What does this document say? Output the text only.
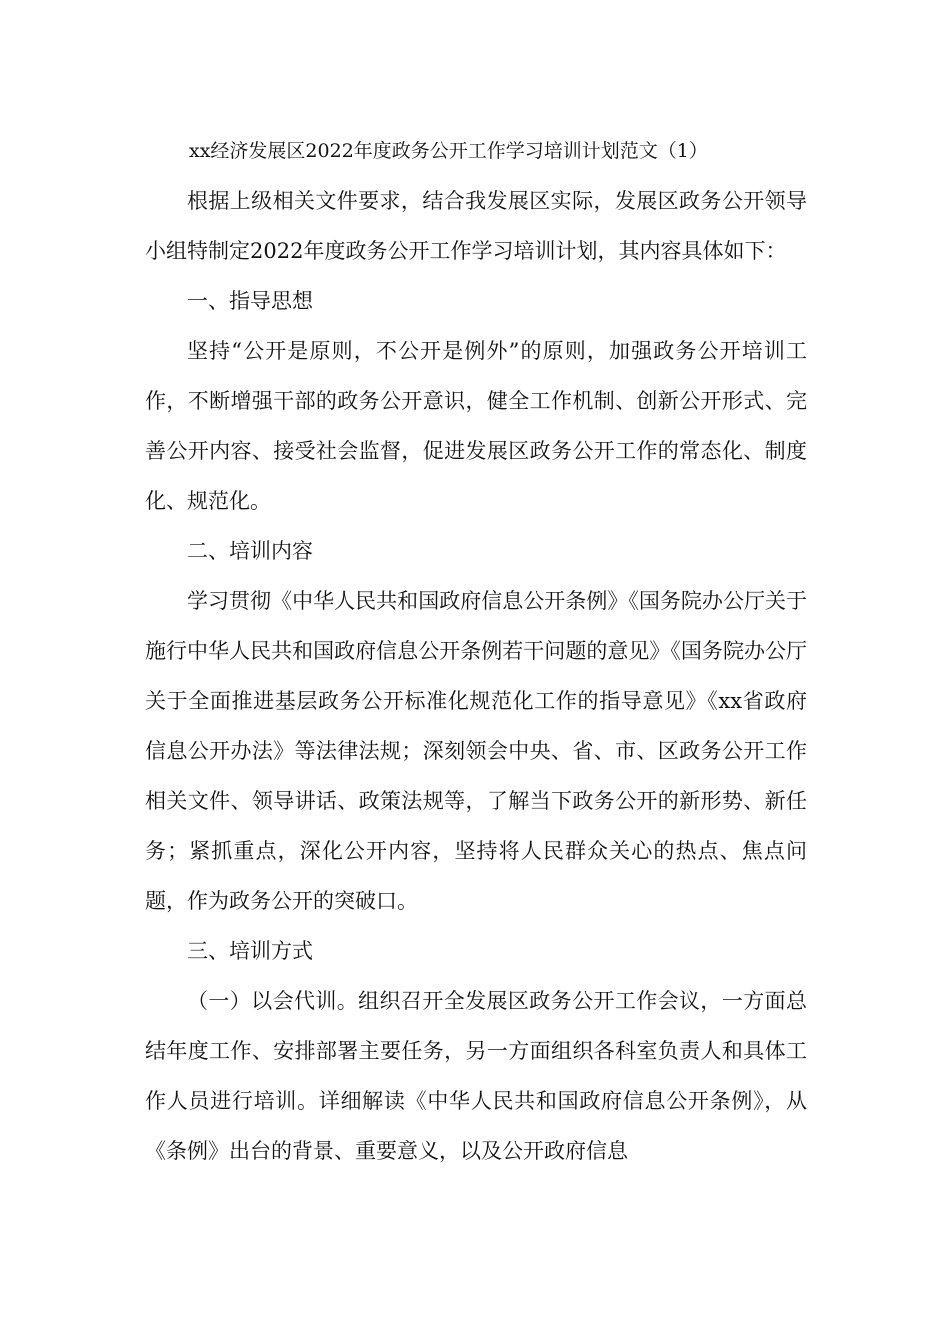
xx经济发展区2022年度政务公开工作学习培训计划范文（1）

根据上级相关文件要求，结合我发展区实际，发展区政务公开领导小组特制定2022年度政务公开工作学习培训计划，其内容具体如下：

一、指导思想

坚持“公开是原则，不公开是例外”的原则，加强政务公开培训工作，不断增强干部的政务公开意识，健全工作机制、创新公开形式、完善公开内容、接受社会监督，促进发展区政务公开工作的常态化、制度化、规范化。

二、培训内容

学习贯彻《中华人民共和国政府信息公开条例》《国务院办公厅关于施行中华人民共和国政府信息公开条例若干问题的意见》《国务院办公厅关于全面推进基层政务公开标准化规范化工作的指导意见》《xx省政府信息公开办法》等法律法规；深刻领会中央、省、市、区政务公开工作相关文件、领导讲话、政策法规等，了解当下政务公开的新形势、新任务；紧抓重点，深化公开内容，坚持将人民群众关心的热点、焦点问题，作为政务公开的突破口。

三、培训方式

（一）以会代训。组织召开全发展区政务公开工作会议，一方面总结年度工作、安排部署主要任务，另一方面组织各科室负责人和具体工作人员进行培训。详细解读《中华人民共和国政府信息公开条例》，从《条例》出台的背景、重要意义，以及公开政府信息
